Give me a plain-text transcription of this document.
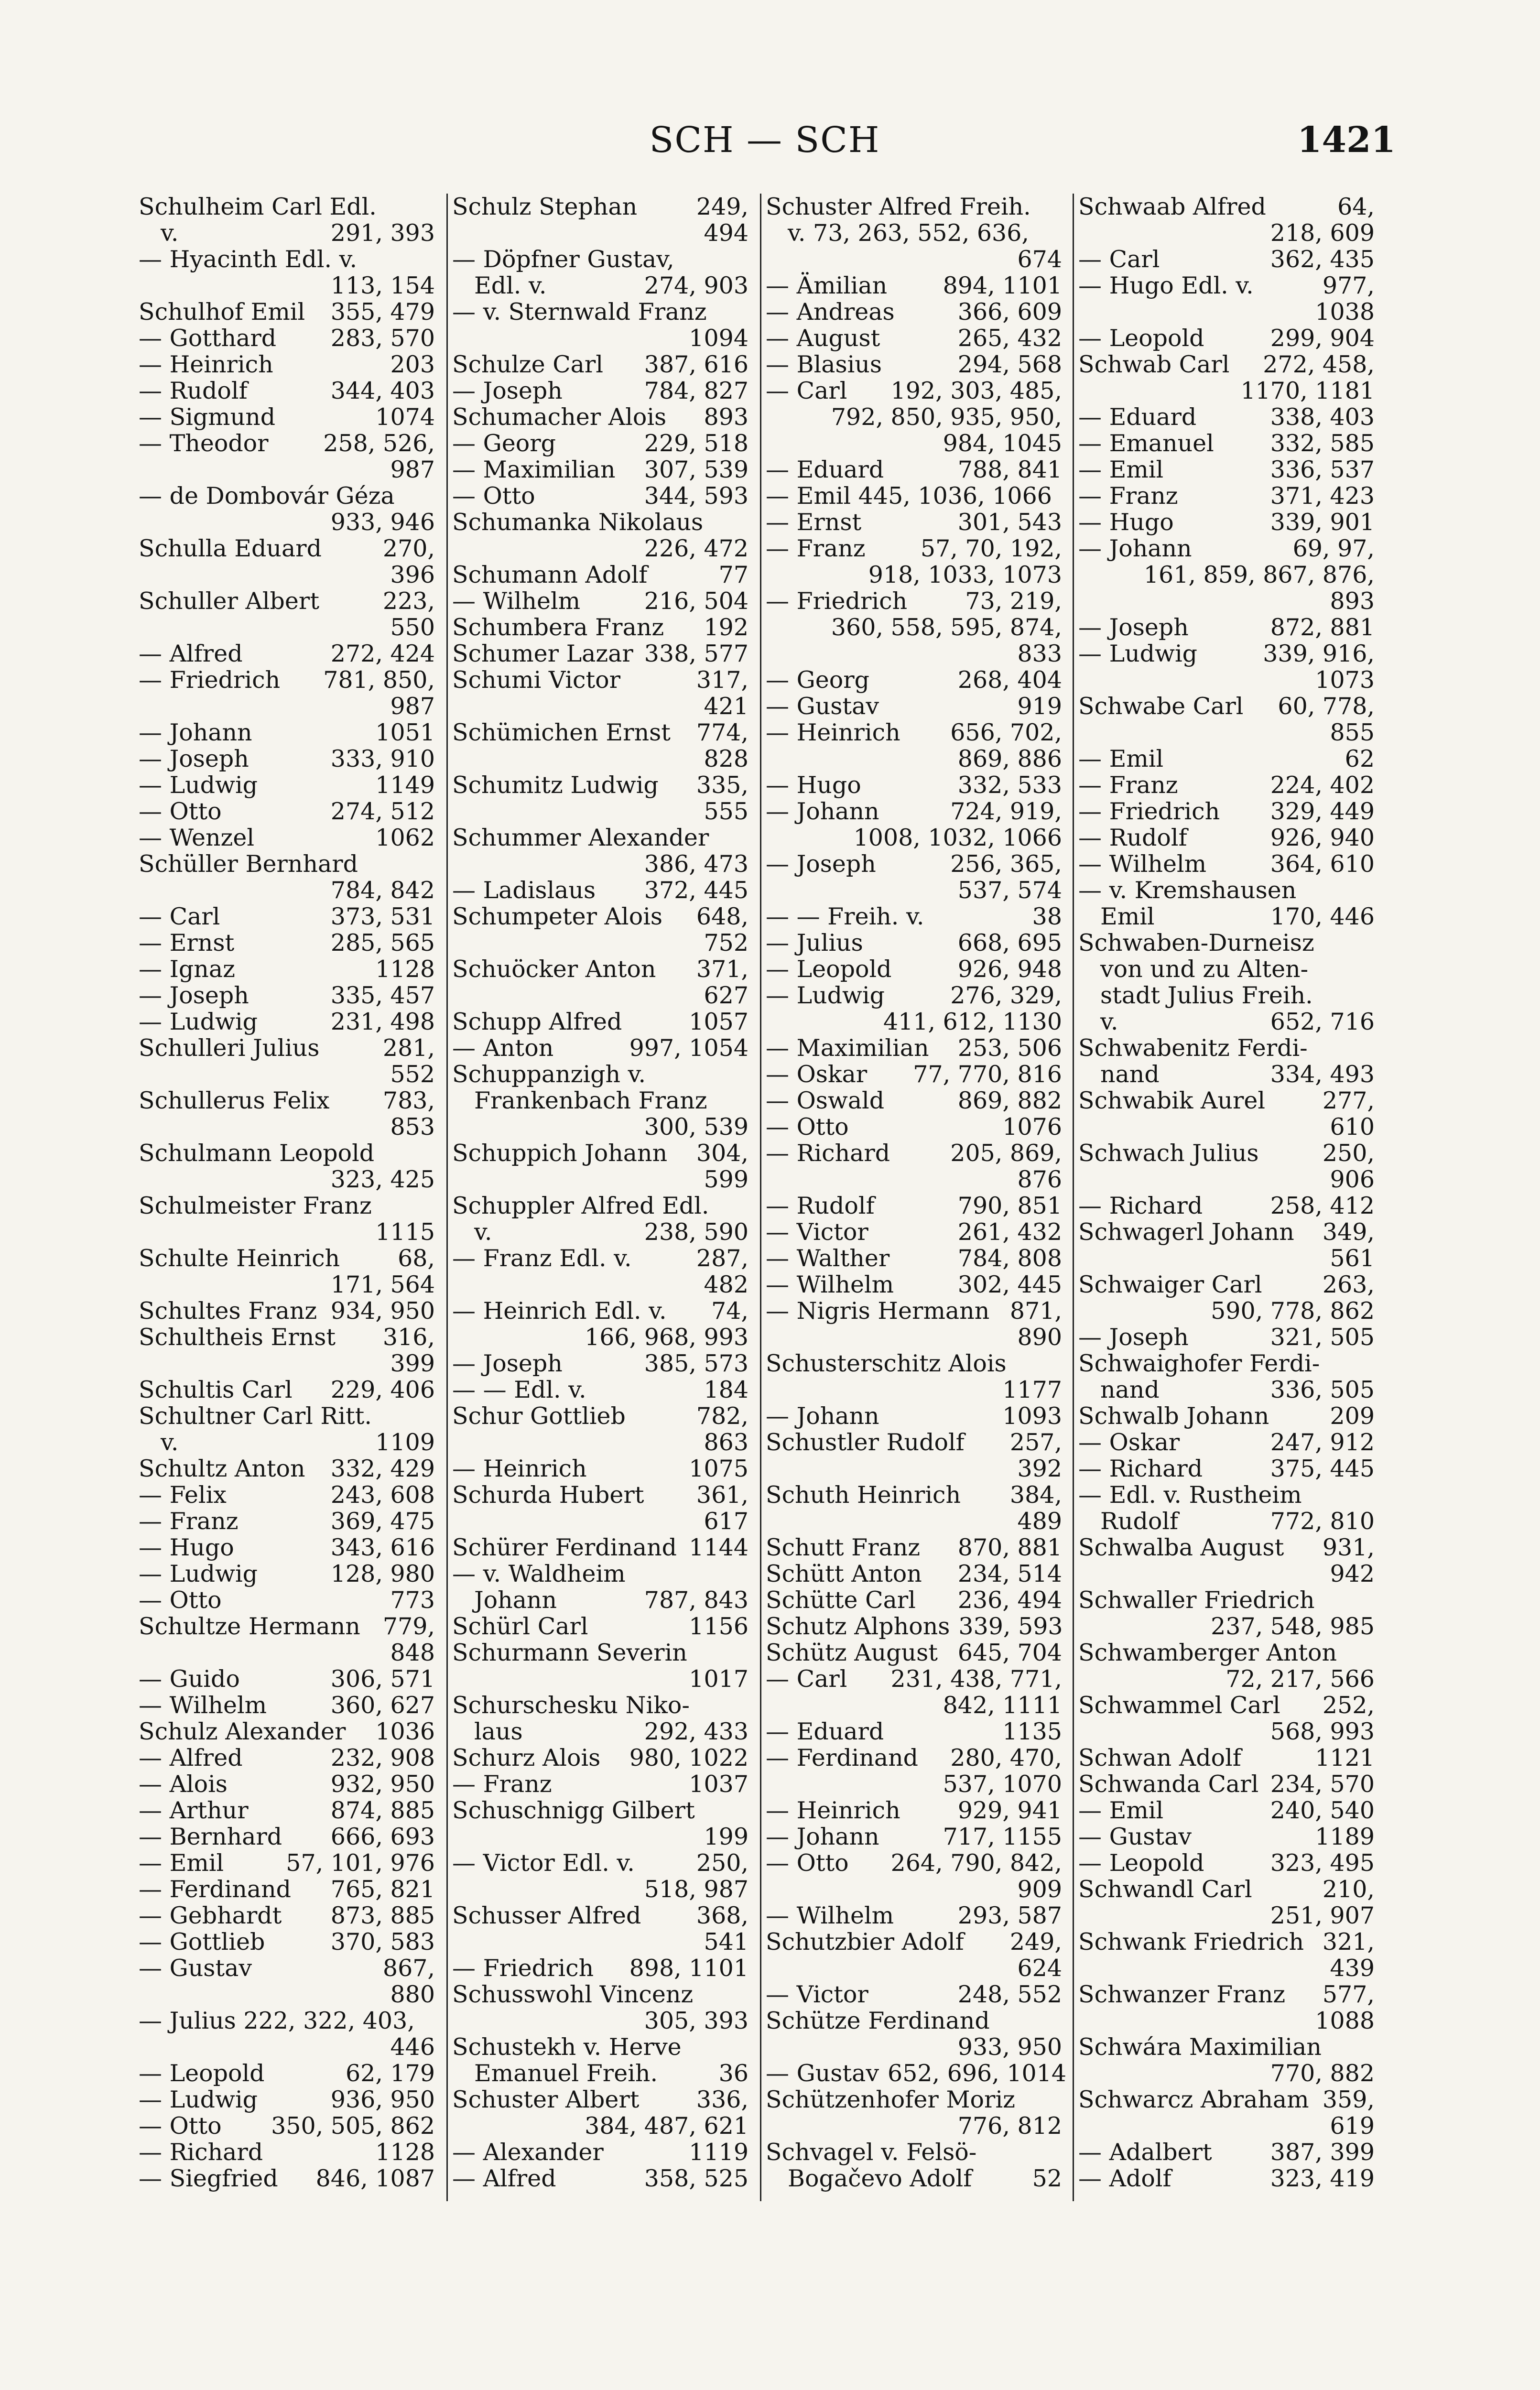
SCH — SCH	1421
Schulheim Carl Edl.
v.	291, 393
— Hyacinth Edl. v.
113, 154
Schulhof Emil	355, 479
— Gotthard	283, 570
— Heinrich	203
— Rudolf	344, 403
— Sigmund	1074
— Theodor	258, 526,
987
— de Dombovár Géza
933, 946
Schulla Eduard	270,
396
Schuller Albert	223,
550
— Alfred	272, 424
— Friedrich	781, 850,
987
— Johann	1051
— Joseph	333, 910
— Ludwig	1149
— Otto	274, 512
— Wenzel	1062
Schüller Bernhard
784, 842
— Carl	373, 531
— Ernst	285, 565
— Ignaz	1128
— Joseph	335, 457
— Ludwig	231, 498
Schulleri Julius	281,
552
Schullerus Felix	783,
853
Schulmann Leopold
323, 425
Schulmeister Franz
1115
Schulte Heinrich	68,
171, 564
Schultes Franz 934, 950
Schultheis Ernst	316,
399
Schultis Carl	229, 406
Schultner Carl Ritt.
v.	1109
Schultz Anton	332, 429
— Felix	243, 608
— Franz	369, 475
— Hugo	343, 616
— Ludwig	128, 980
— Otto	773
Schultze Hermann 779,
848
— Guido	306, 571
— Wilhelm	360, 627
Schulz Alexander	1036
— Alfred	232, 908
— Alois	932, 950
— Arthur	874, 885
— Bernhard	666, 693
— Emil	57, 101, 976
— Ferdinand	765, 821
— Gebhardt	873, 885
— Gottlieb	370, 583
— Gustav	867,
880
— Julius 222, 322, 403,
446
— Leopold	62, 179
— Ludwig	936, 950
— Otto	350, 505, 862
— Richard	1128
— Siegfried	846, 1087
Schulz Stephan	249,
494
— Döpfner Gustav,
Edl. v.	274, 903
— v. Sternwald Franz
1094
Schulze Carl	387, 616
— Joseph	784, 827
Schumacher Alois	893
— Georg	229, 518
— Maximilian	307, 539
— Otto	344, 593
Schumanka Nikolaus
226, 472
Schumann Adolf	77
— Wilhelm	216, 504
Schumbera Franz	192
Schumer Lazar 338, 577
Schumi Victor	317,
421
Schümichen Ernst	774,
828
Schumitz Ludwig	335,
555
Schummer Alexander
386, 473
— Ladislaus	372, 445
Schumpeter Alois	648,
752
Schuöcker Anton	371,
627
Schupp Alfred	1057
— Anton	997, 1054
Schuppanzigh v.
Frankenbach Franz
300, 539
Schuppich Johann	304,
599
Schuppler Alfred Edl.
v.	238, 590
— Franz Edl. v.	287,
482
— Heinrich Edl. v.	74,
166, 968, 993
— Joseph	385, 573
— — Edl. v.	184
Schur Gottlieb	782,
863
— Heinrich	1075
Schurda Hubert	361,
617
Schürer Ferdinand 1144
— v. Waldheim
Johann	787, 843
Schürl Carl	1156
Schurmann Severin
1017
Schurschesku Niko-
laus	292, 433
Schurz Alois	980, 1022
— Franz	1037
Schuschnigg Gilbert
199
— Victor Edl. v.	250,
518, 987
Schusser Alfred	368,
541
— Friedrich	898, 1101
Schusswohl Vincenz
305, 393
Schustekh v. Herve
Emanuel Freih.	36
Schuster Albert	336,
384, 487, 621
— Alexander	1119
— Alfred	358, 525
Schuster Alfred Freih.
v. 73, 263, 552, 636,
674
— Ämilian	894, 1101
— Andreas	366, 609
— August	265, 432
— Blasius	294, 568
— Carl	192, 303, 485,
792, 850, 935, 950,
984, 1045
— Eduard	788, 841
— Emil 445, 1036, 1066
— Ernst	301, 543
— Franz	57, 70, 192,
918, 1033, 1073
— Friedrich	73, 219,
360, 558, 595, 874,
833
— Georg	268, 404
— Gustav	919
— Heinrich	656, 702,
869, 886
— Hugo	332, 533
— Johann	724, 919,
1008, 1032, 1066
— Joseph	256, 365,
537, 574
— — Freih. v.	38
— Julius	668, 695
— Leopold	926, 948
— Ludwig	276, 329,
411, 612, 1130
— Maximilian	253, 506
— Oskar	77, 770, 816
— Oswald	869, 882
— Otto	1076
— Richard	205, 869,
876
— Rudolf	790, 851
— Victor	261, 432
— Walther	784, 808
— Wilhelm	302, 445
— Nigris Hermann 871,
890
Schusterschitz Alois
1177
— Johann	1093
Schustler Rudolf	257,
392
Schuth Heinrich	384,
489
Schutt Franz	870, 881
Schütt Anton	234, 514
Schütte Carl	236, 494
Schutz Alphons 339, 593
Schütz August 645, 704
— Carl	231, 438, 771,
842, 1111
— Eduard	1135
— Ferdinand	280, 470,
537, 1070
— Heinrich	929, 941
— Johann	717, 1155
— Otto	264, 790, 842,
909
— Wilhelm	293, 587
Schutzbier Adolf	249,
624
— Victor	248, 552
Schütze Ferdinand
933, 950
— Gustav 652, 696, 1014
Schützenhofer Moriz
776, 812
Schvagel v. Felsö-
Bogačevo Adolf	52
Schwaab Alfred	64,
218, 609
— Carl	362, 435
— Hugo Edl. v.	977,
1038
— Leopold	299, 904
Schwab Carl	272, 458,
1170, 1181
— Eduard	338, 403
— Emanuel	332, 585
— Emil	336, 537
— Franz	371, 423
— Hugo	339, 901
— Johann	69, 97,
161, 859, 867, 876,
893
— Joseph	872, 881
— Ludwig	339, 916,
1073
Schwabe Carl	60, 778,
855
— Emil	62
— Franz	224, 402
— Friedrich	329, 449
— Rudolf	926, 940
— Wilhelm	364, 610
— v. Kremshausen
Emil	170, 446
Schwaben-Durneisz
von und zu Alten-
stadt Julius Freih.
v.	652, 716
Schwabenitz Ferdi-
nand	334, 493
Schwabik Aurel	277,
610
Schwach Julius	250,
906
— Richard	258, 412
Schwagerl Johann	349,
561
Schwaiger Carl	263,
590, 778, 862
— Joseph	321, 505
Schwaighofer Ferdi-
nand	336, 505
Schwalb Johann	209
— Oskar	247, 912
— Richard	375, 445
— Edl. v. Rustheim
Rudolf	772, 810
Schwalba August	931,
942
Schwaller Friedrich
237, 548, 985
Schwamberger Anton
72, 217, 566
Schwammel Carl	252,
568, 993
Schwan Adolf	1121
Schwanda Carl 234, 570
— Emil	240, 540
— Gustav	1189
— Leopold	323, 495
Schwandl Carl	210,
251, 907
Schwank Friedrich 321,
439
Schwanzer Franz	577,
1088
Schwára Maximilian
770, 882
Schwarcz Abraham 359,
619
— Adalbert	387, 399
— Adolf	323, 419
